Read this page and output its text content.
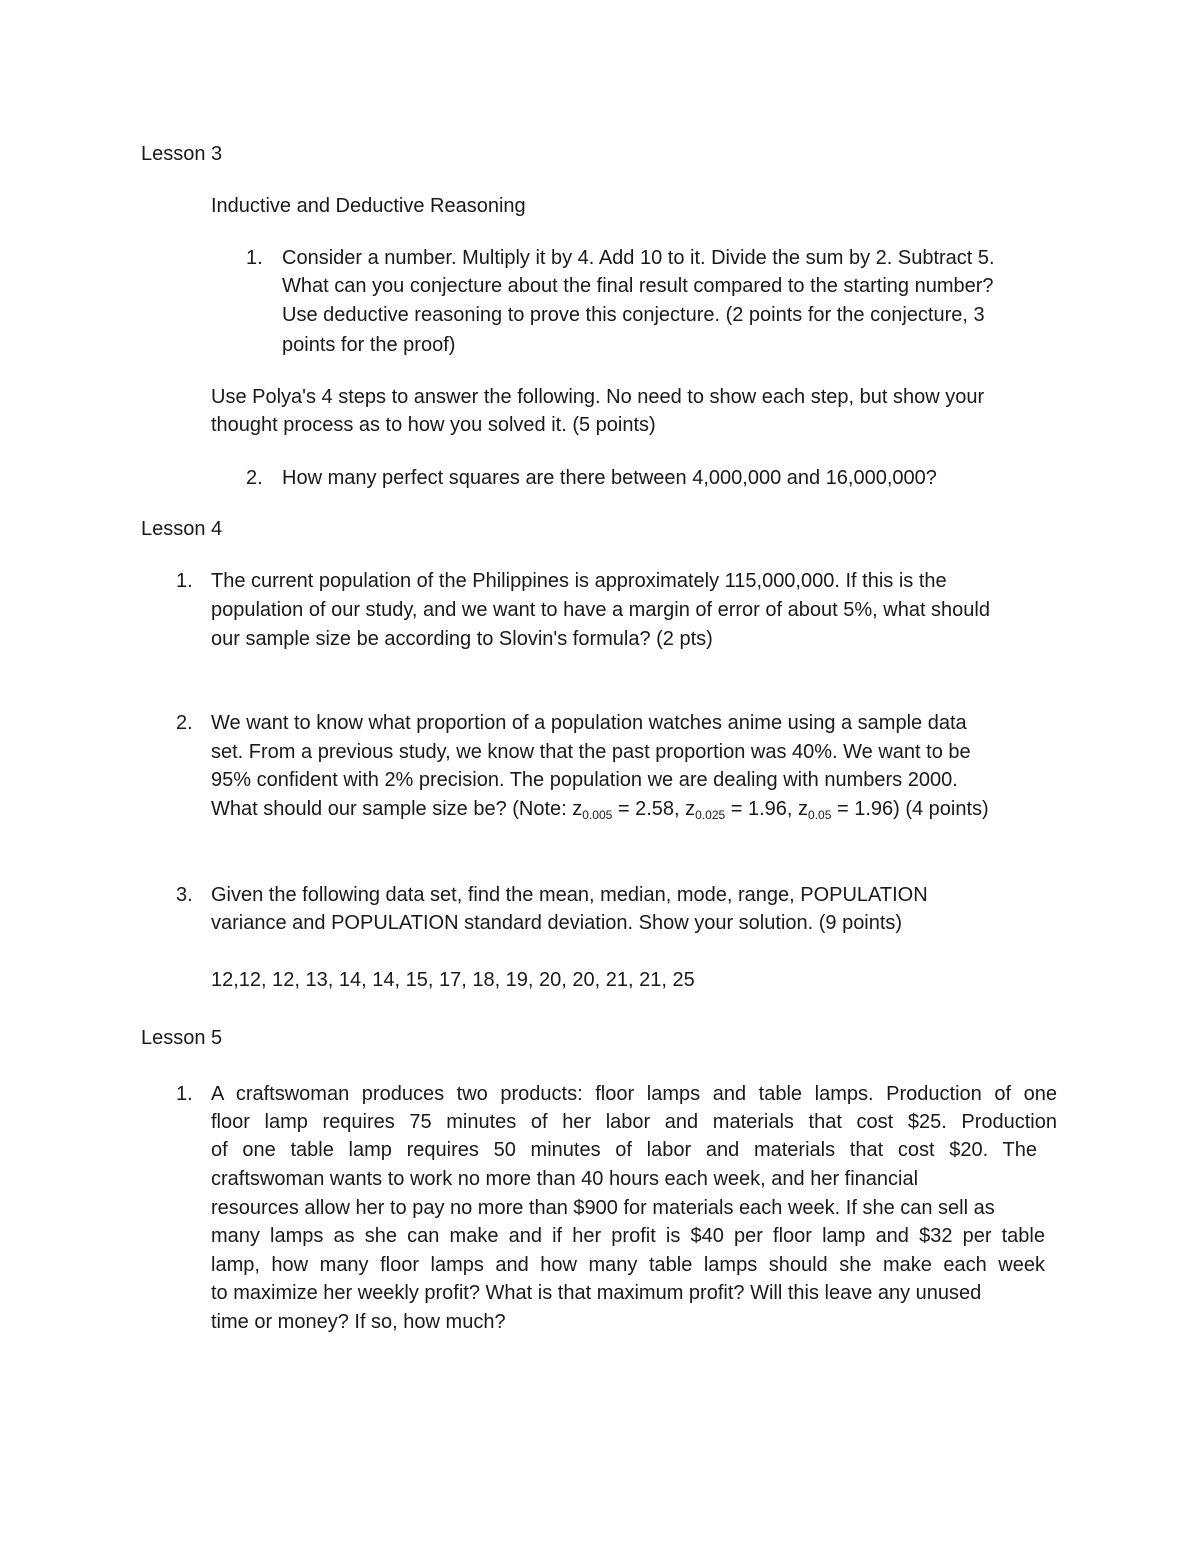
Lesson 3
Inductive and Deductive Reasoning
1. Consider a number. Multiply it by 4. Add 10 to it. Divide the sum by 2. Subtract 5.
What can you conjecture about the final result compared to the starting number?
Use deductive reasoning to prove this conjecture. (2 points for the conjecture, 3
points for the proof)
Use Polya's 4 steps to answer the following. No need to show each step, but show your
thought process as to how you solved it. (5 points)
2. How many perfect squares are there between 4,000,000 and 16,000,000?
Lesson 4
1. The current population of the Philippines is approximately 115,000,000. If this is the
population of our study, and we want to have a margin of error of about 5%, what should
our sample size be according to Slovin's formula? (2 pts)
2. We want to know what proportion of a population watches anime using a sample data
set. From a previous study, we know that the past proportion was 40%. We want to be
95% confident with 2% precision. The population we are dealing with numbers 2000.
What should our sample size be? (Note: $z_{0.005} = 2.58$, $z_{0.025} = 1.96$, $z_{0.05} = 1.96$) (4 points)
3. Given the following data set, find the mean, median, mode, range, POPULATION
variance and POPULATION standard deviation. Show your solution. (9 points)
12,12, 12, 13, 14, 14, 15, 17, 18, 19, 20, 20, 21, 21, 25
Lesson 5
1. A craftswoman produces two products: floor lamps and table lamps. Production of one
floor lamp requires 75 minutes of her labor and materials that cost $25. Production
of one table lamp requires 50 minutes of labor and materials that cost $20. The
craftswoman wants to work no more than 40 hours each week, and her financial
resources allow her to pay no more than $900 for materials each week. If she can sell as
many lamps as she can make and if her profit is $40 per floor lamp and $32 per table
lamp, how many floor lamps and how many table lamps should she make each week
to maximize her weekly profit? What is that maximum profit? Will this leave any unused
time or money? If so, how much?
